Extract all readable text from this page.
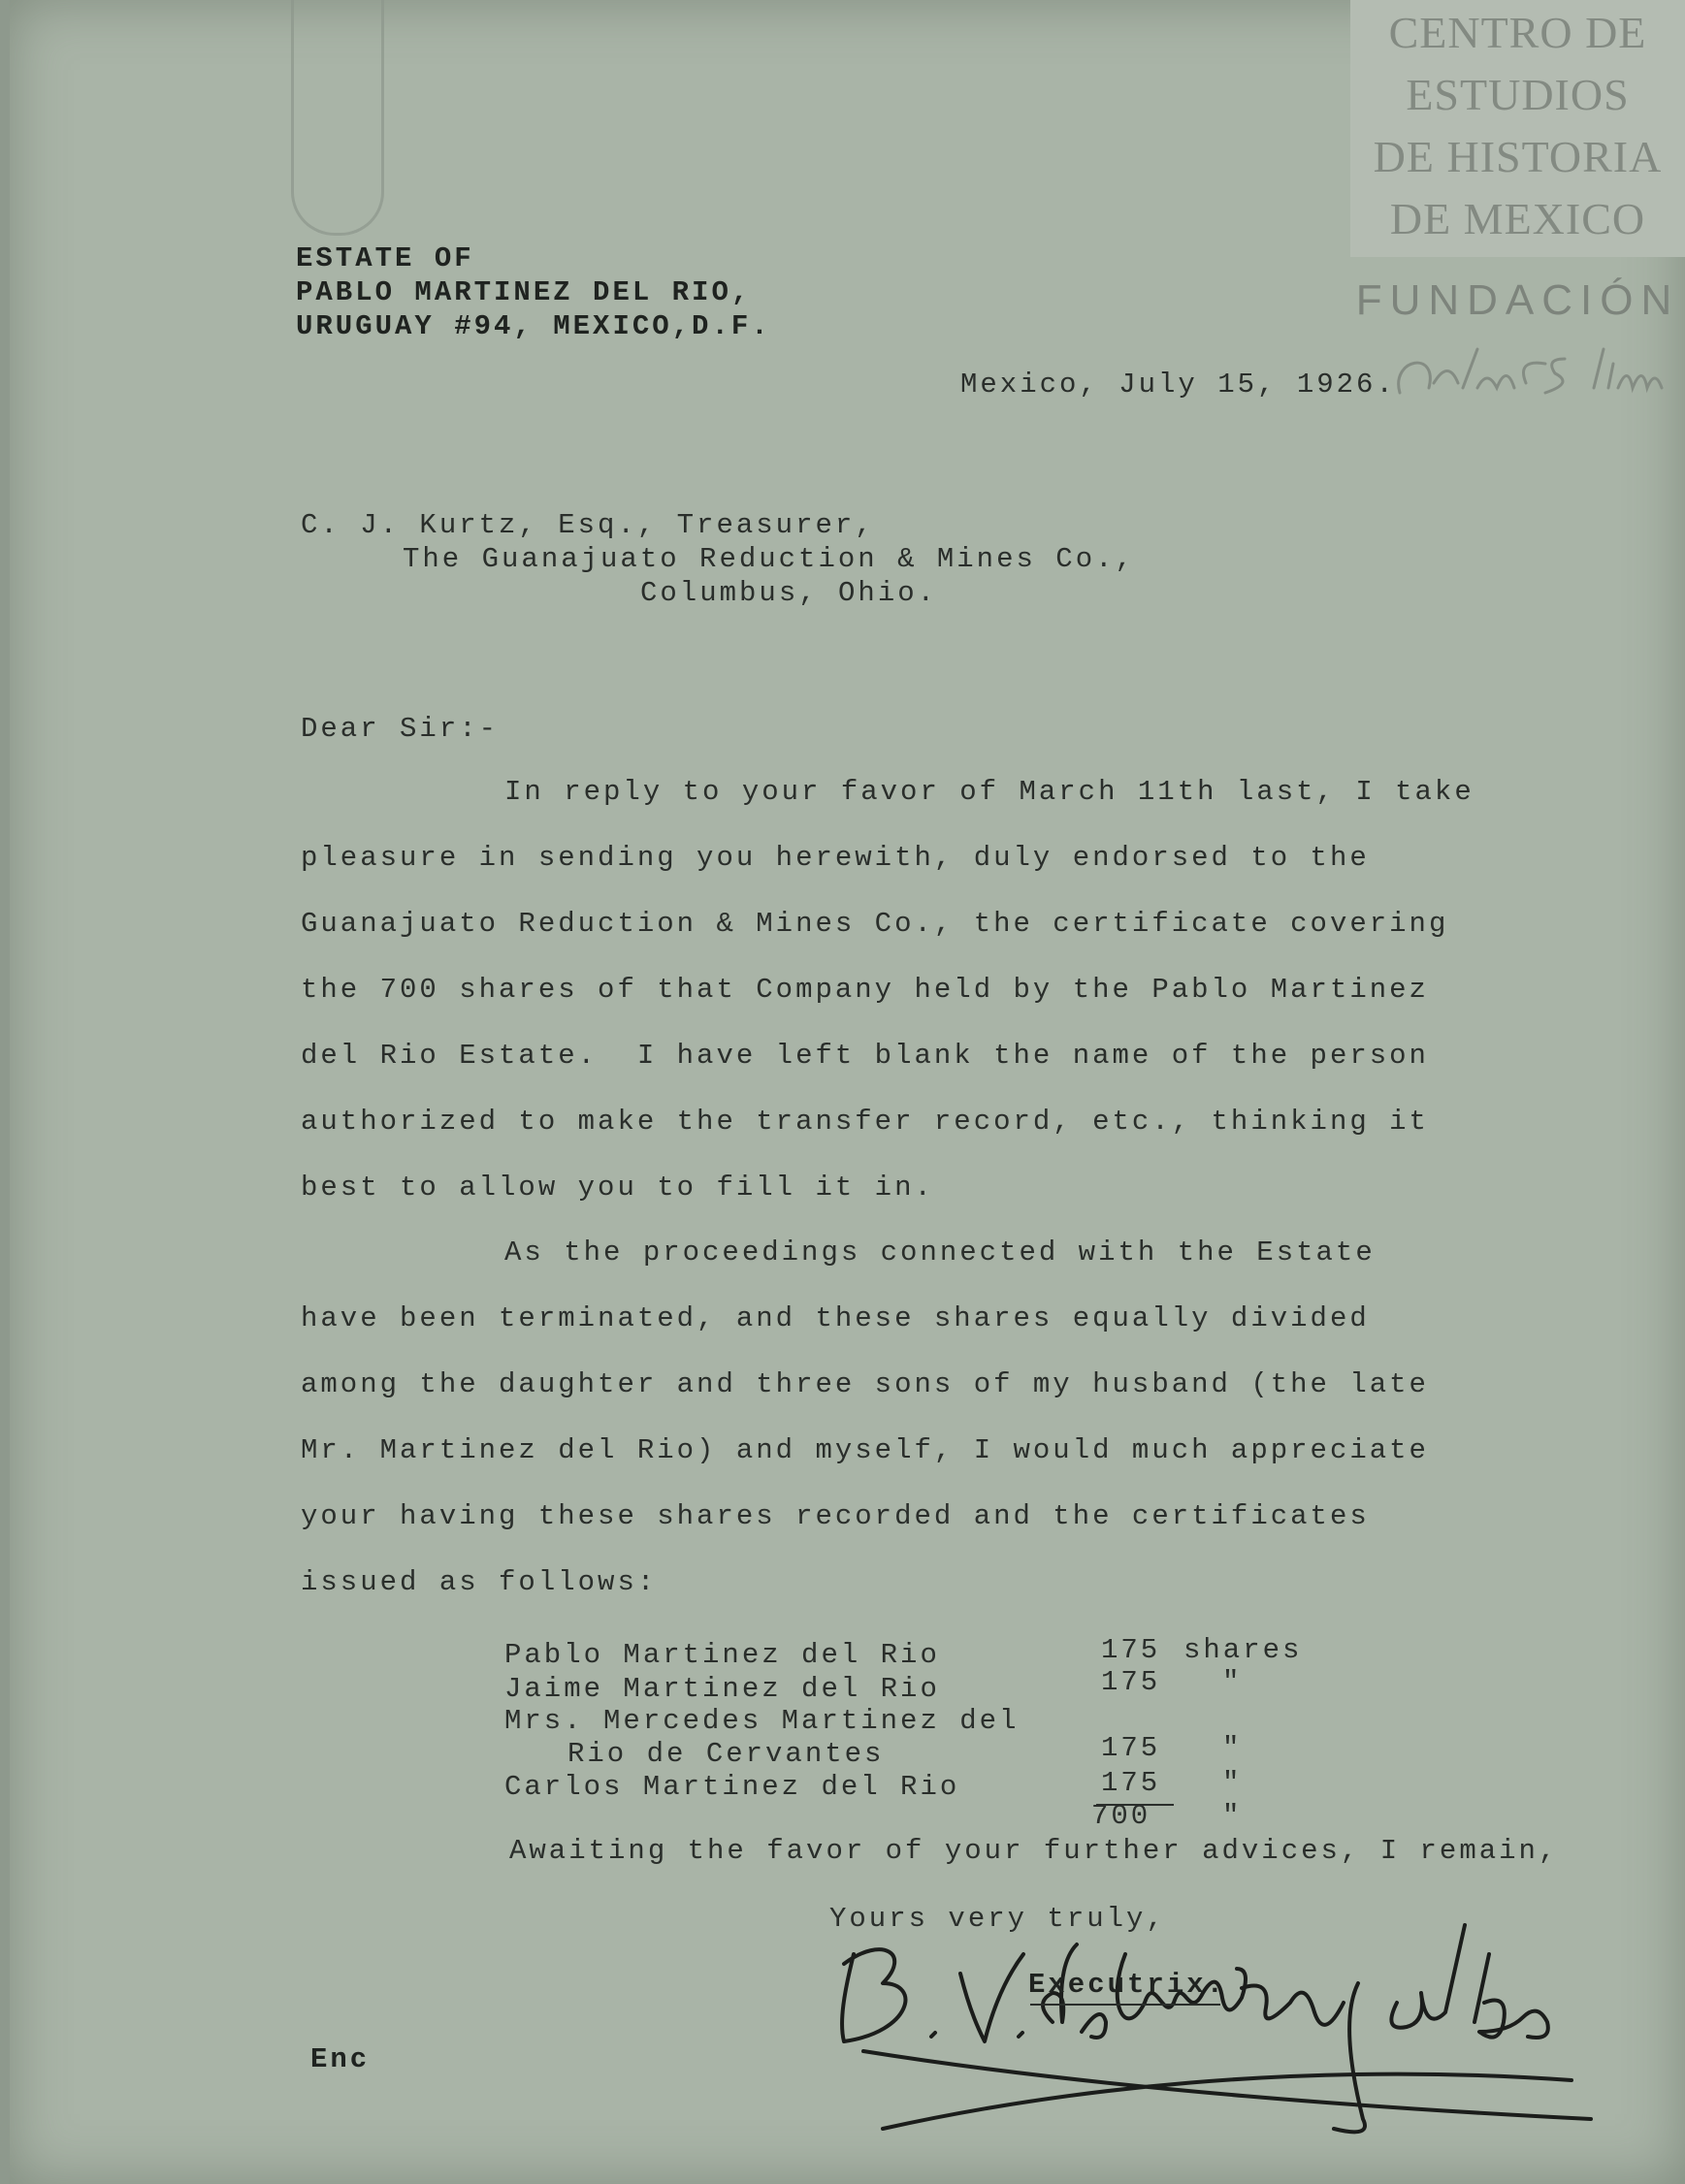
CENTRO DE
ESTUDIOS
DE HISTORIA
DE MEXICO
FUNDACIÓN
ESTATE OF
PABLO MARTINEZ DEL RIO,
URUGUAY #94, MEXICO,D.F.
Mexico, July 15, 1926.
C. J. Kurtz, Esq., Treasurer,
The Guanajuato Reduction & Mines Co.,
Columbus, Ohio.
Dear Sir:-
In reply to your favor of March 11th last, I take
pleasure in sending you herewith, duly endorsed to the
Guanajuato Reduction & Mines Co., the certificate covering
the 700 shares of that Company held by the Pablo Martinez
del Rio Estate.  I have left blank the name of the person
authorized to make the transfer record, etc., thinking it
best to allow you to fill it in.
As the proceedings connected with the Estate
have been terminated, and these shares equally divided
among the daughter and three sons of my husband (the late
Mr. Martinez del Rio) and myself, I would much appreciate
your having these shares recorded and the certificates
issued as follows:
Pablo Martinez del Rio	175 shares
Jaime Martinez del Rio	175 "
Mrs. Mercedes Martinez del
Rio de Cervantes	175 "
Carlos Martinez del Rio	175 "
700	"
Awaiting the favor of your further advices, I remain,
Yours very truly,
Executrix.
Enc
